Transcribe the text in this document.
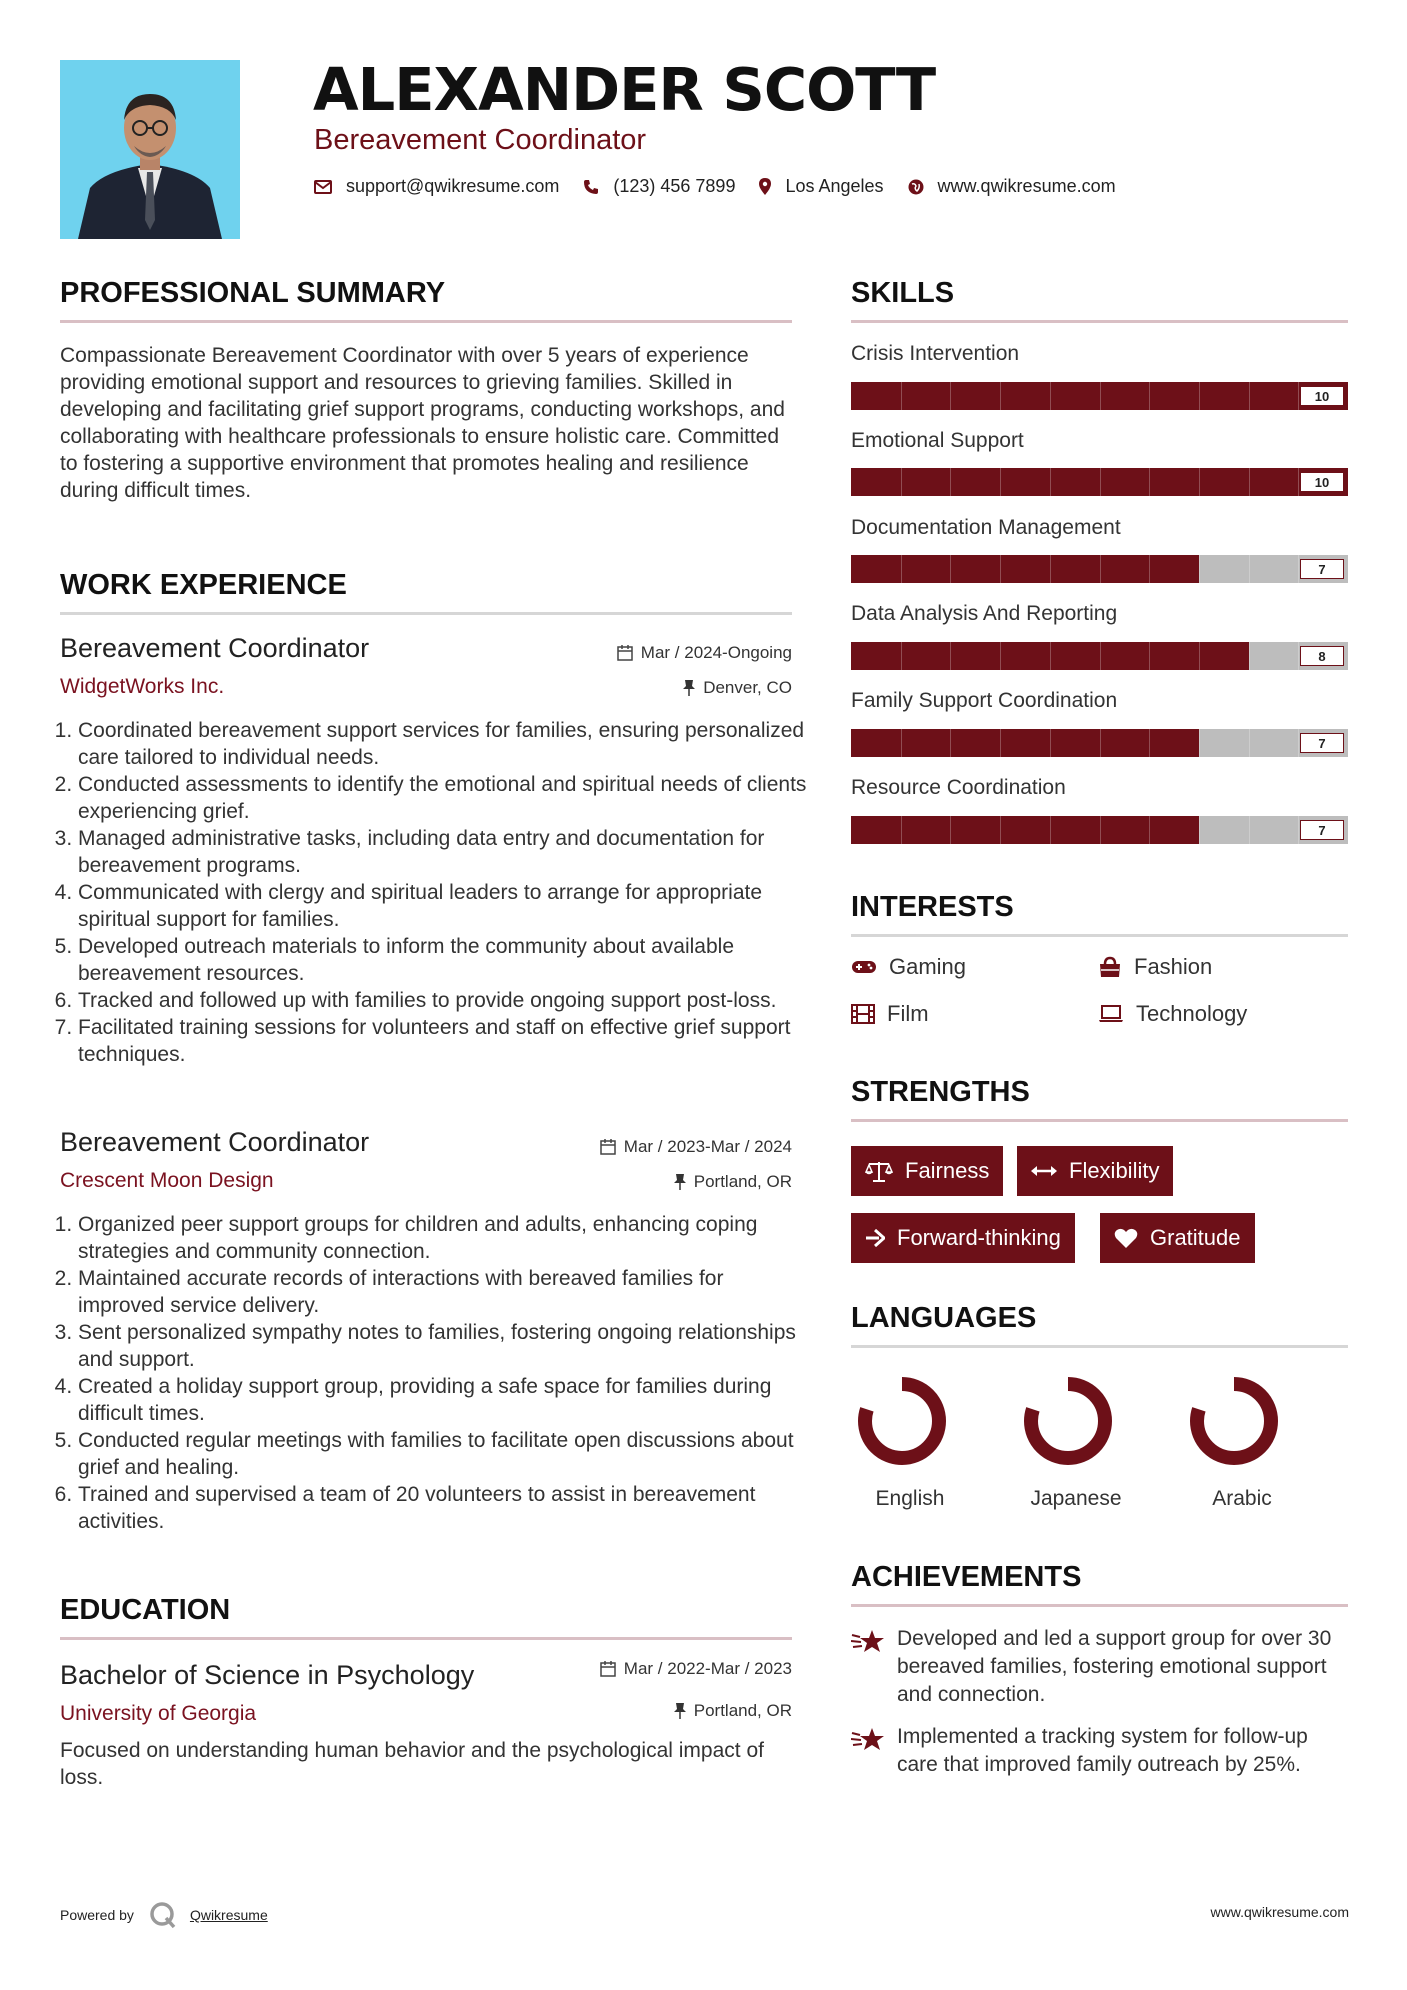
ALEXANDER SCOTT
Bereavement Coordinator
support@qwikresume.com	(123) 456 7899	Los Angeles	www.qwikresume.com
PROFESSIONAL SUMMARY

Compassionate Bereavement Coordinator with over 5 years of experience providing emotional support and resources to grieving families. Skilled in developing and facilitating grief support programs, conducting workshops, and collaborating with healthcare professionals to ensure holistic care. Committed to fostering a supportive environment that promotes healing and resilience during difficult times.

WORK EXPERIENCE
Bereavement Coordinator
WidgetWorks Inc.
Mar / 2024-Ongoing
Denver, CO
1. Coordinated bereavement support services for families, ensuring personalized care tailored to individual needs.
2. Conducted assessments to identify the emotional and spiritual needs of clients experiencing grief.
3. Managed administrative tasks, including data entry and documentation for bereavement programs.
4. Communicated with clergy and spiritual leaders to arrange for appropriate spiritual support for families.
5. Developed outreach materials to inform the community about available bereavement resources.
6. Tracked and followed up with families to provide ongoing support post-loss.
7. Facilitated training sessions for volunteers and staff on effective grief support techniques.
Bereavement Coordinator
Crescent Moon Design
Mar / 2023-Mar / 2024
Portland, OR
1. Organized peer support groups for children and adults, enhancing coping strategies and community connection.
2. Maintained accurate records of interactions with bereaved families for improved service delivery.
3. Sent personalized sympathy notes to families, fostering ongoing relationships and support.
4. Created a holiday support group, providing a safe space for families during difficult times.
5. Conducted regular meetings with families to facilitate open discussions about grief and healing.
6. Trained and supervised a team of 20 volunteers to assist in bereavement activities.
EDUCATION
Bachelor of Science in Psychology
University of Georgia
Mar / 2022-Mar / 2023
Portland, OR

Focused on understanding human behavior and the psychological impact of loss.

SKILLS
Crisis Intervention
10
Emotional Support
10
Documentation Management
7
Data Analysis And Reporting
8
Family Support Coordination
7
Resource Coordination
7
INTERESTS
Gaming	Fashion
Film	Technology
STRENGTHS
Fairness	Flexibility
Forward-thinking	Gratitude
LANGUAGES
English	Japanese	Arabic
ACHIEVEMENTS
Developed and led a support group for over 30 bereaved families, fostering emotional support and connection.
Implemented a tracking system for follow-up care that improved family outreach by 25%.
Powered by	Qwikresume	www.qwikresume.com
